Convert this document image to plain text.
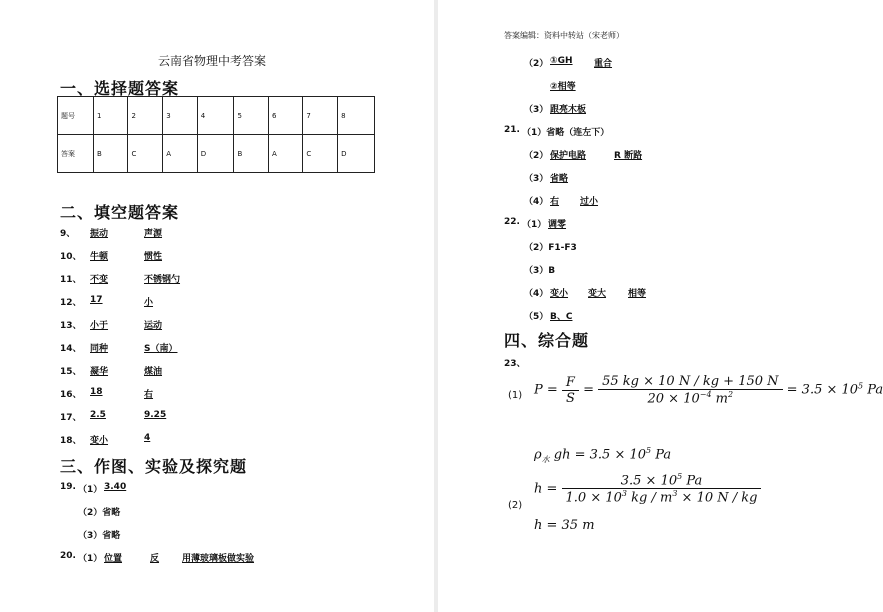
云南省物理中考答案
一、选择题答案
题号	1	2	3	4	5	6	7	8
答案	B	C	A	D	B	A	C	D
二、填空题答案
9、 振动	声源
10、 牛顿	惯性
11、 不变	不锈钢勺
12、 17	小
13、 小于	运动
14、 同种	S（南）
15、 凝华	煤油
16、 18	右
17、 2.5	9.25
18、 变小	4
三、作图、实验及探究题
19. （1） 3.40
（2）省略
（3）省略
20. （1） 位置	反	用薄玻璃板做实验
答案编辑：资料中转站（宋老师）
（2） ①GH 重合
②相等
（3） 跟亮木板
21. （1）省略（连左下）
（2） 保护电路	R 断路
（3） 省略
（4） 右 过小
22. （1） 调零
（2）F1-F3
（3）B
（4） 变小 变大 相等
（5） B、C
四、综合题
23、
(1) $P = \frac{F}{S} = \frac{55 kg \times 10 N / kg + 150 N}{20 \times 10^{-4} m^2} = 3.5 \times 10^5$ Pa
$\rho_水$ gh = $3.5 \times 10^5$ Pa
(2)
$h = \frac{3.5 \times 10^5 Pa}{1.0 \times 10^3 kg / m^3 \times 10 N / kg}$
h = 35 m
